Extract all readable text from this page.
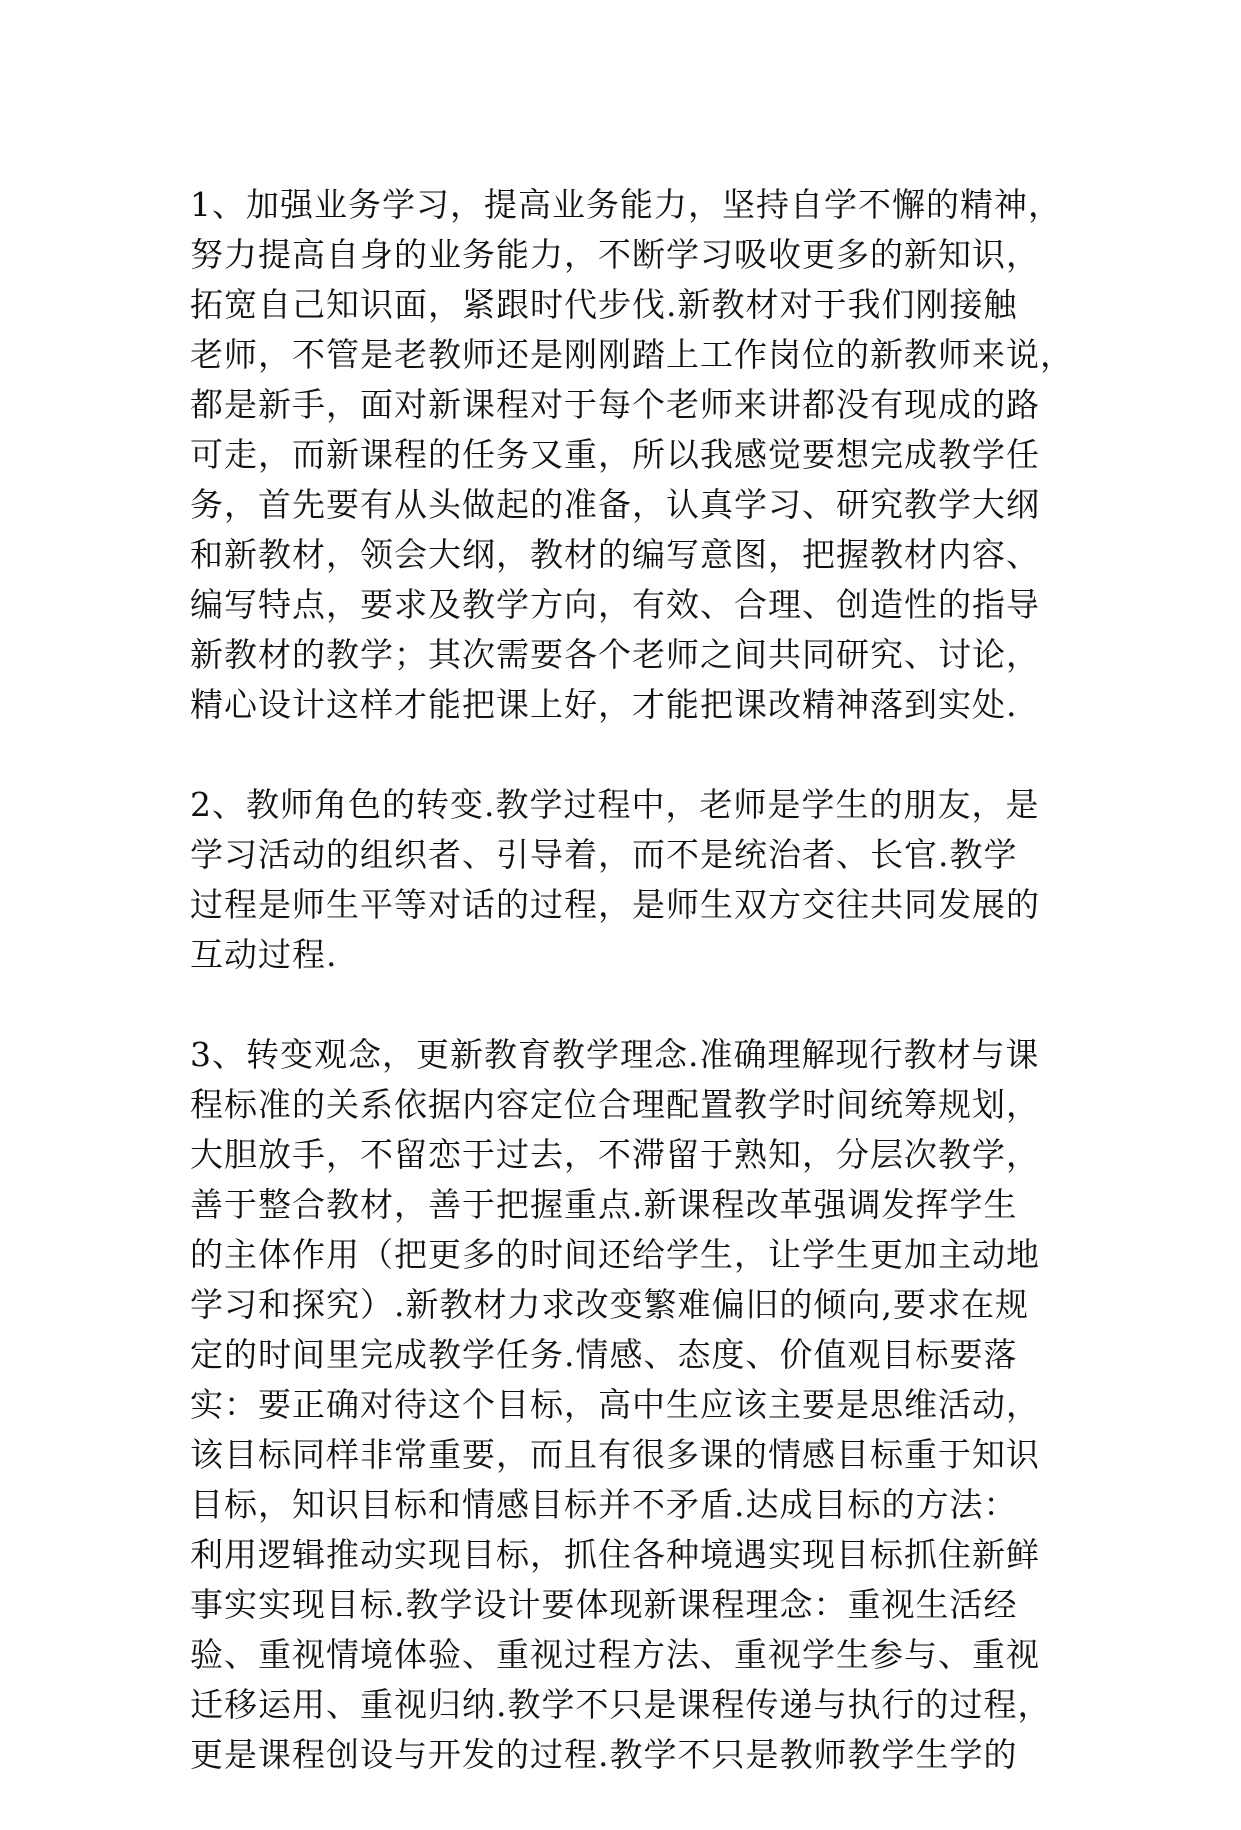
1、加强业务学习，提高业务能力，坚持自学不懈的精神，
努力提高自身的业务能力，不断学习吸收更多的新知识，
拓宽自己知识面，紧跟时代步伐.新教材对于我们刚接触
老师，不管是老教师还是刚刚踏上工作岗位的新教师来说，
都是新手，面对新课程对于每个老师来讲都没有现成的路
可走，而新课程的任务又重，所以我感觉要想完成教学任
务，首先要有从头做起的准备，认真学习、研究教学大纲
和新教材，领会大纲，教材的编写意图，把握教材内容、
编写特点，要求及教学方向，有效、合理、创造性的指导
新教材的教学；其次需要各个老师之间共同研究、讨论，
精心设计这样才能把课上好，才能把课改精神落到实处.
2、教师角色的转变.教学过程中，老师是学生的朋友，是
学习活动的组织者、引导着，而不是统治者、长官.教学
过程是师生平等对话的过程，是师生双方交往共同发展的
互动过程.
3、转变观念，更新教育教学理念.准确理解现行教材与课
程标准的关系依据内容定位合理配置教学时间统筹规划，
大胆放手，不留恋于过去，不滞留于熟知，分层次教学，
善于整合教材，善于把握重点.新课程改革强调发挥学生
的主体作用（把更多的时间还给学生，让学生更加主动地
学习和探究）.新教材力求改变繁难偏旧的倾向,要求在规
定的时间里完成教学任务.情感、态度、价值观目标要落
实：要正确对待这个目标，高中生应该主要是思维活动，
该目标同样非常重要，而且有很多课的情感目标重于知识
目标，知识目标和情感目标并不矛盾.达成目标的方法：
利用逻辑推动实现目标，抓住各种境遇实现目标抓住新鲜
事实实现目标.教学设计要体现新课程理念：重视生活经
验、重视情境体验、重视过程方法、重视学生参与、重视
迁移运用、重视归纳.教学不只是课程传递与执行的过程，
更是课程创设与开发的过程.教学不只是教师教学生学的
